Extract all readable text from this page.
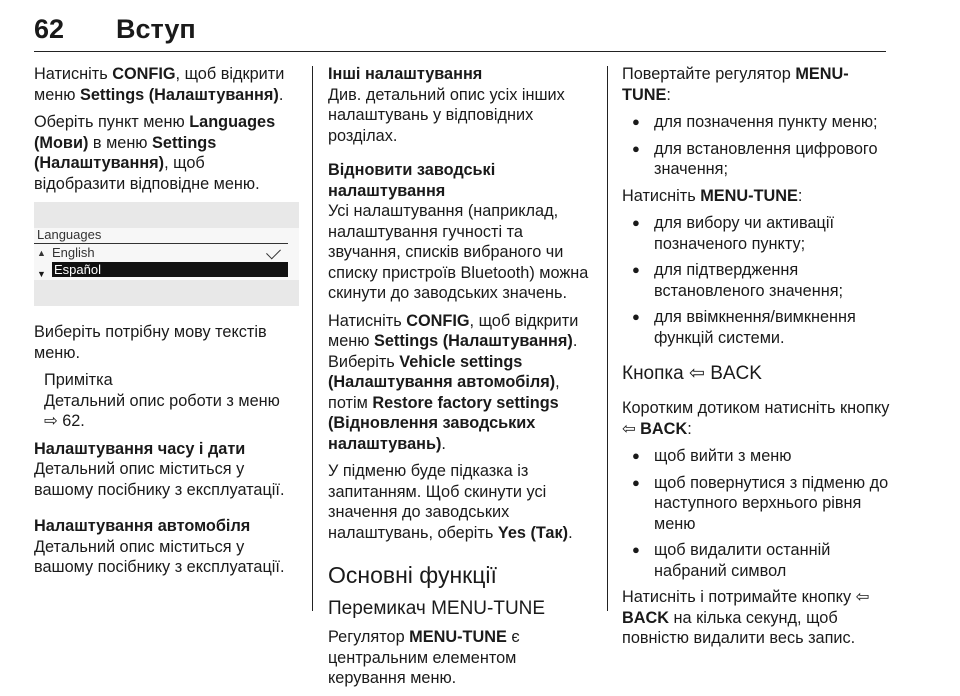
62 Вступ

Натисніть CONFIG, щоб відкрити меню Settings (Налаштування).

Оберіть пункт меню Languages (Мови) в меню Settings (Налаштування), щоб відобразити відповідне меню.

Languages
▲ English
Español
▼

Виберіть потрібну мову текстів меню.

Примітка
Детальний опис роботи з меню
⇨ 62.
Налаштування часу і дати

Детальний опис міститься у вашому посібнику з експлуатації.

Налаштування автомобіля

Детальний опис міститься у вашому посібнику з експлуатації.

Інші налаштування

Див. детальний опис усіх інших налаштувань у відповідних розділах.

Відновити заводські налаштування

Усі налаштування (наприклад, налаштування гучності та звучання, списків вибраного чи списку пристроїв Bluetooth) можна скинути до заводських значень.

Натисніть CONFIG, щоб відкрити меню Settings (Налаштування). Виберіть Vehicle settings (Налаштування автомобіля), потім Restore factory settings (Відновлення заводських налаштувань).

У підменю буде підказка із запитанням. Щоб скинути усі значення до заводських налаштувань, оберіть Yes (Так).

Основні функції
Перемикач MENU-TUNE

Регулятор MENU-TUNE є центральним елементом керування меню.

Повертайте регулятор MENU-TUNE:

● для позначення пункту меню;
● для встановлення цифрового значення;

Натисніть MENU-TUNE:

● для вибору чи активації позначеного пункту;
● для підтвердження встановленого значення;
● для ввімкнення/вимкнення функцій системи.
Кнопка ⇦ BACK

Коротким дотиком натисніть кнопку ⇦ BACK:

● щоб вийти з меню
● щоб повернутися з підменю до наступного верхнього рівня меню
● щоб видалити останній набраний символ

Натисніть і потримайте кнопку ⇦ BACK на кілька секунд, щоб повністю видалити весь запис.
